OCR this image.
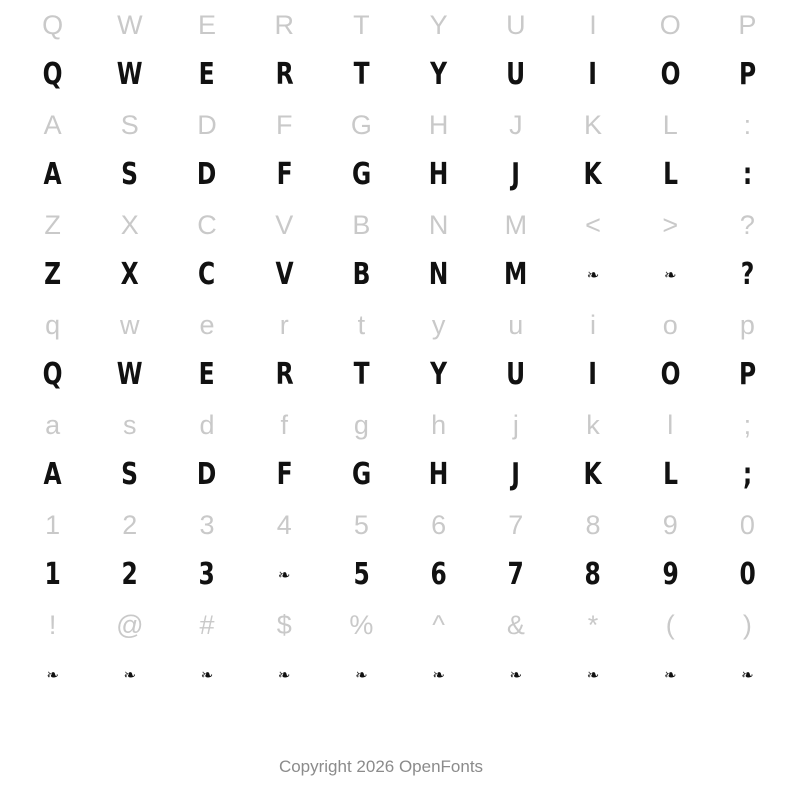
Q	W	E	R	T	Y	U	I	O	P
Q	W	E	R	T	Y	U	I	O	P
A	S	D	F	G	H	J	K	L	:
A	S	D	F	G	H	J	K	L	:
Z	X	C	V	B	N	M	<	>	?
Z	X	C	V	B	N	M	❧	❧	?
q	w	e	r	t	y	u	i	o	p
Q	W	E	R	T	Y	U	I	O	P
a	s	d	f	g	h	j	k	l	;
A	S	D	F	G	H	J	K	L	;
1	2	3	4	5	6	7	8	9	0
1	2	3	❧	5	6	7	8	9	0
!	@	#	$	%	^	&	*	(	)
❧	❧	❧	❧	❧	❧	❧	❧	❧	❧
Copyright 2026 OpenFonts
